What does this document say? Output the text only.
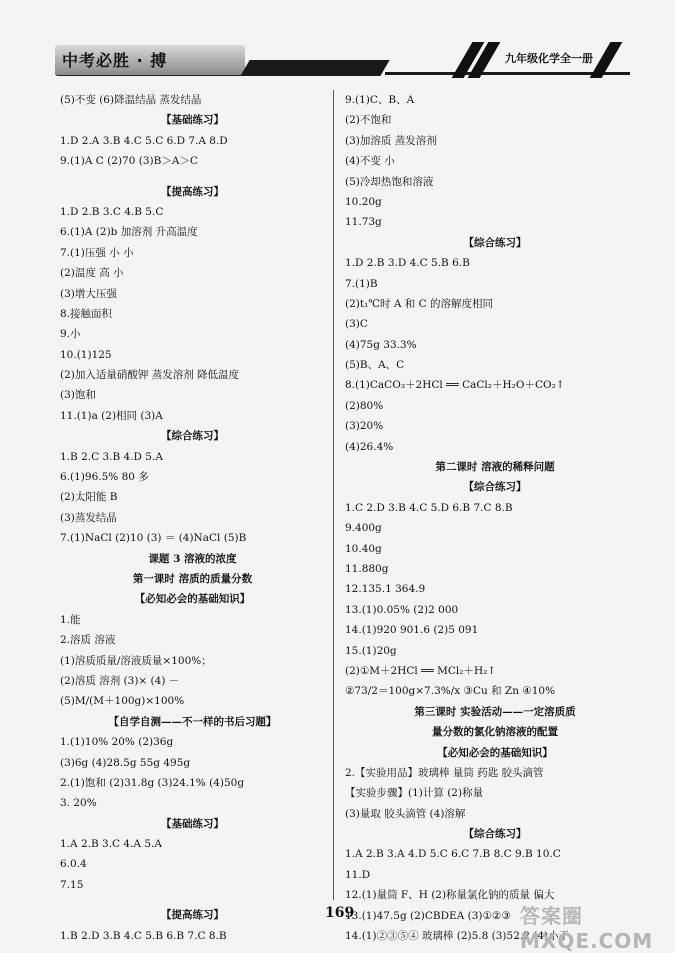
中考必胜 · 搏	九年级化学全一册
(5)不变 (6)降温结晶 蒸发结晶
【基础练习】
1.D 2.A 3.B 4.C 5.C 6.D 7.A 8.D
9.(1)A C (2)70 (3)B＞A＞C
【提高练习】
1.D 2.B 3.C 4.B 5.C
6.(1)A (2)b 加溶剂 升高温度
7.(1)压强 小 小
(2)温度 高 小
(3)增大压强
8.接触面积
9.小
10.(1)125
(2)加入适量硝酸钾 蒸发溶剂 降低温度
(3)饱和
11.(1)a (2)相同 (3)A
【综合练习】
1.B 2.C 3.B 4.D 5.A
6.(1)96.5% 80 多
(2)太阳能 B
(3)蒸发结晶
7.(1)NaCl (2)10 (3) ＝ (4)NaCl (5)B
课题 3 溶液的浓度
第一课时 溶质的质量分数
【必知必会的基础知识】
1.能
2.溶质 溶液
(1)溶质质量/溶液质量×100%；
(2)溶质 溶剂 (3)× (4) －
(5)M/(M＋100g)×100%
【自学自测——不一样的书后习题】
1.(1)10% 20% (2)36g
(3)6g (4)28.5g 55g 495g
2.(1)饱和 (2)31.8g (3)24.1% (4)50g
3. 20%
【基础练习】
1.A 2.B 3.C 4.A 5.A
6.0.4
7.15
【提高练习】
1.B 2.D 3.B 4.C 5.B 6.B 7.C 8.B
9.(1)C、B、A
(2)不饱和
(3)加溶质 蒸发溶剂
(4)不变 小
(5)冷却热饱和溶液
10.20g
11.73g
【综合练习】
1.D 2.B 3.D 4.C 5.B 6.B
7.(1)B
(2)t₁℃时 A 和 C 的溶解度相同
(3)C
(4)75g 33.3%
(5)B、A、C
8.(1)CaCO₃＋2HCl ══ CaCl₂＋H₂O＋CO₂↑
(2)80%
(3)20%
(4)26.4%
第二课时 溶液的稀释问题
【综合练习】
1.C 2.D 3.B 4.C 5.D 6.B 7.C 8.B
9.400g
10.40g
11.880g
12.135.1 364.9
13.(1)0.05% (2)2 000
14.(1)920 901.6 (2)5 091
15.(1)20g
(2)①M＋2HCl ══ MCl₂＋H₂↑
②73/2＝100g×7.3%/x ③Cu 和 Zn ④10%
第三课时 实验活动——一定溶质质
量分数的氯化钠溶液的配置
【必知必会的基础知识】
2.【实验用品】玻璃棒 量筒 药匙 胶头滴管
【实验步骤】(1)计算 (2)称量
(3)量取 胶头滴管 (4)溶解
【综合练习】
1.A 2.B 3.A 4.D 5.C 6.C 7.B 8.C 9.B 10.C
11.D
12.(1)量筒 F、H (2)称量氯化钠的质量 偏大
13.(1)47.5g (2)CBDEA (3)①②③
14.(1)②③⑤④ 玻璃棒 (2)5.8 (3)52.2 (4)小于
169	答案圈 MXQE.COM
